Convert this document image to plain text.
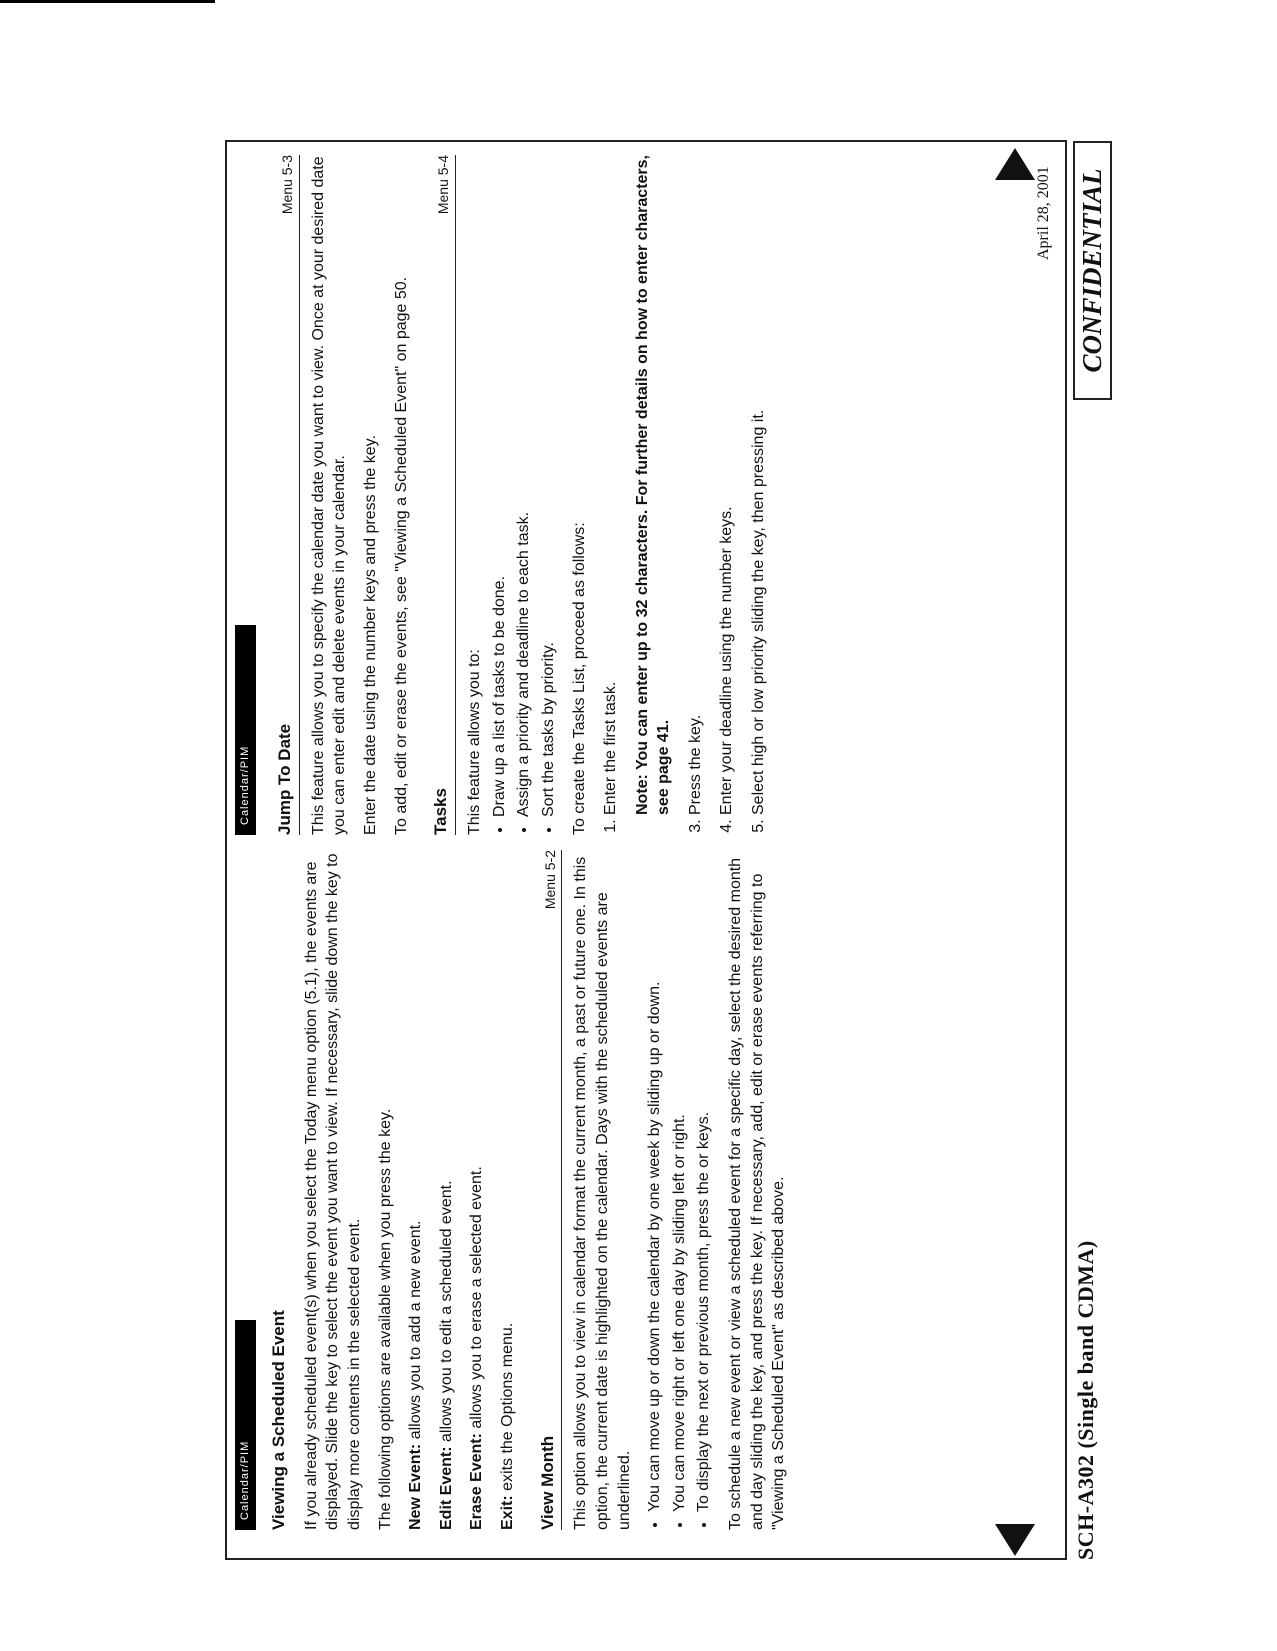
Calendar/PIM Viewing a Scheduled Event If you already scheduled event(s) when you select the Today menu option (5.1), the events are displayed. Slide the key to select the event you want to view. If necessary, slide down the key to display more contents in the selected event. The following options are available when you press the key. New Event: allows you to add a new event.

Edit Event: allows you to edit a scheduled event.

Erase Event: allows you to erase a selected event.

Exit: exits the Options menu. View Month
Menu 5-2 This option allows you to view in calendar format the current month, a past or future one. In this option, the current date is highlighted on the calendar. Days with the scheduled events are underlined. • You can move up or down the calendar by one week by sliding up or down. • You can move right or left one day by sliding left or right. • To display the next or previous month, press the or keys. To schedule a new event or view a scheduled event for a specific day, select the desired month and day sliding the key, and press the key. If necessary, add, edit or erase events referring to "Viewing a Scheduled Event" as described above.

Calendar/PIM Jump To Date
Menu 5-3 This feature allows you to specify the calendar date you want to view. Once at your desired date you can enter edit and delete events in your calendar. Enter the date using the number keys and press the key. To add, edit or erase the events, see "Viewing a Scheduled Event" on page 50. Tasks
Menu 5-4

This feature allows you to: • Draw up a list of tasks to be done. • Assign a priority and deadline to each task. • Sort the tasks by priority. To create the Tasks List, proceed as follows: 1. Enter the first task. Note: You can enter up to 32 characters. For further details on how to enter characters, see page 41. 3. Press the key. 4. Enter your deadline using the number keys. 5. Select high or low priority sliding the key, then pressing it.
SCH-A302 (Single band CDMA)
April 28, 2001 CONFIDENTIAL
